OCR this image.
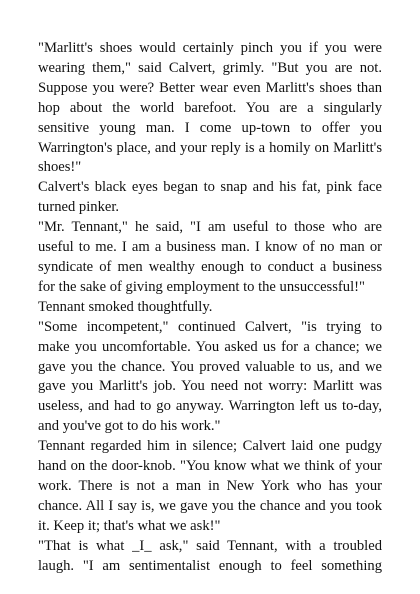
"Marlitt's shoes would certainly pinch you if you were wearing them," said Calvert, grimly. "But you are not. Suppose you were? Better wear even Marlitt's shoes than hop about the world barefoot. You are a singularly sensitive young man. I come up-town to offer you Warrington's place, and your reply is a homily on Marlitt's shoes!"

Calvert's black eyes began to snap and his fat, pink face turned pinker.

"Mr. Tennant," he said, "I am useful to those who are useful to me. I am a business man. I know of no man or syndicate of men wealthy enough to conduct a business for the sake of giving employment to the unsuccessful!"

Tennant smoked thoughtfully.

"Some incompetent," continued Calvert, "is trying to make you uncomfortable. You asked us for a chance; we gave you the chance. You proved valuable to us, and we gave you Marlitt's job. You need not worry: Marlitt was useless, and had to go anyway. Warrington left us to-day, and you've got to do his work."

Tennant regarded him in silence; Calvert laid one pudgy hand on the door-knob. "You know what we think of your work. There is not a man in New York who has your chance. All I say is, we gave you the chance and you took it. Keep it; that's what we ask!"

"That is what _I_ ask," said Tennant, with a troubled laugh. "I am sentimentalist enough to feel something
